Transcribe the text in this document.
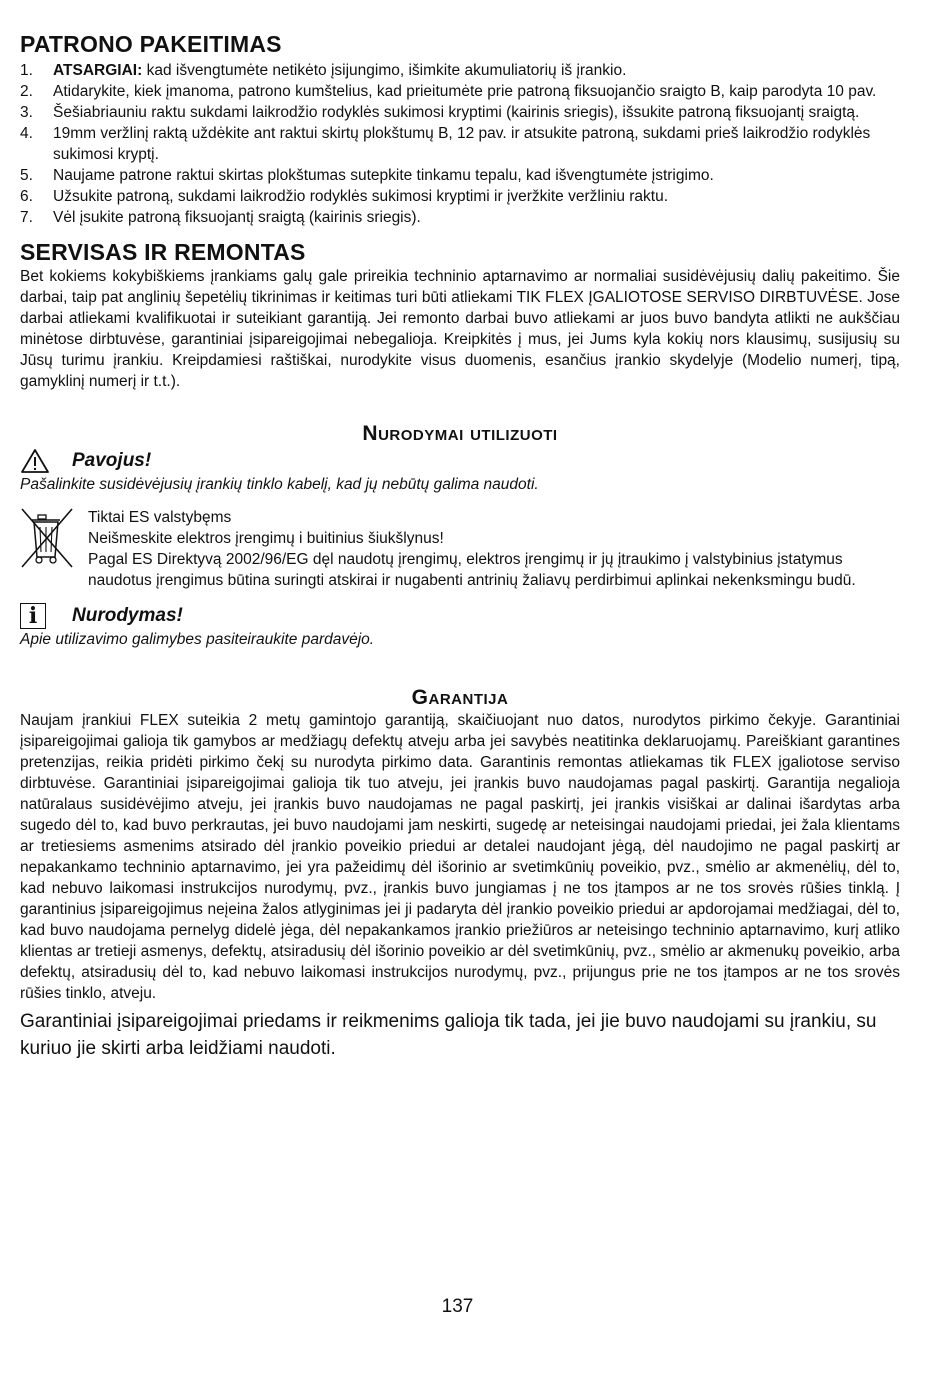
PATRONO PAKEITIMAS
1.	ATSARGIAI: kad išvengtumėte netikėto įsijungimo, išimkite akumuliatorių iš įrankio.
2.	Atidarykite, kiek įmanoma, patrono kumštelius, kad prieitumėte prie patroną fiksuojančio sraigto B, kaip parodyta 10 pav.
3.	Šešiabriauniu raktu sukdami laikrodžio rodyklės sukimosi kryptimi (kairinis sriegis), išsukite patroną fiksuojantį sraigtą.
4.	19mm veržlinį raktą uždėkite ant raktui skirtų plokštumų B, 12 pav. ir atsukite patroną, sukdami prieš laikrodžio rodyklės sukimosi kryptį.
5.	Naujame patrone raktui skirtas plokštumas sutepkite tinkamu tepalu, kad išvengtumėte įstrigimo.
6.	Užsukite patroną, sukdami laikrodžio rodyklės sukimosi kryptimi ir įveržkite veržliniu raktu.
7.	Vėl įsukite patroną fiksuojantį sraigtą (kairinis sriegis).
SERVISAS IR REMONTAS

Bet kokiems kokybiškiems įrankiams galų gale prireikia techninio aptarnavimo ar normaliai susidėvėjusių dalių pakeitimo. Šie darbai, taip pat anglinių šepetėlių tikrinimas ir keitimas turi būti atliekami TIK FLEX ĮGALIOTOSE SERVISO DIRBTUVĖSE. Jose darbai atliekami kvalifikuotai ir suteikiant garantiją. Jei remonto darbai buvo atliekami ar juos buvo bandyta atlikti ne aukščiau minėtose dirbtuvėse, garantiniai įsipareigojimai nebegalioja. Kreipkitės į mus, jei Jums kyla kokių nors klausimų, susijusių su Jūsų turimu įrankiu. Kreipdamiesi raštiškai, nurodykite visus duomenis, esančius įrankio skydelyje (Modelio numerį, tipą, gamyklinį numerį ir t.t.).

Nurodymai utilizuoti
Pavojus!

Pašalinkite susidėvėjusių įrankių tinklo kabelį, kad jų nebūtų galima naudoti.

Tiktai ES valstybęms

Neišmeskite elektros įrengimų i buitinius šiukšlynus!

Pagal ES Direktyvą 2002/96/EG dęl naudotų įrengimų, elektros įrengimų ir jų įtraukimo į valstybinius įstatymus naudotus įrengimus būtina suringti atskirai ir nugabenti antrinių žaliavų perdirbimui aplinkai nekenksmingu budū.

i	Nurodymas!

Apie utilizavimo galimybes pasiteiraukite pardavėjo.

Garantija

Naujam įrankiui FLEX suteikia 2 metų gamintojo garantiją, skaičiuojant nuo datos, nurodytos pirkimo čekyje. Garantiniai įsipareigojimai galioja tik gamybos ar medžiagų defektų atveju arba jei savybės neatitinka deklaruojamų. Pareiškiant garantines pretenzijas, reikia pridėti pirkimo čekį su nurodyta pirkimo data. Garantinis remontas atliekamas tik FLEX įgaliotose serviso dirbtuvėse. Garantiniai įsipareigojimai galioja tik tuo atveju, jei įrankis buvo naudojamas pagal paskirtį. Garantija negalioja natūralaus susidėvėjimo atveju, jei įrankis buvo naudojamas ne pagal paskirtį, jei įrankis visiškai ar dalinai išardytas arba sugedo dėl to, kad buvo perkrautas, jei buvo naudojami jam neskirti, sugedę ar neteisingai naudojami priedai, jei žala klientams ar tretiesiems asmenims atsirado dėl įrankio poveikio priedui ar detalei naudojant jėgą, dėl naudojimo ne pagal paskirtį ar nepakankamo techninio aptarnavimo, jei yra pažeidimų dėl išorinio ar svetimkūnių poveikio, pvz., smėlio ar akmenėlių, dėl to, kad nebuvo laikomasi instrukcijos nurodymų, pvz., įrankis buvo jungiamas į ne tos įtampos ar ne tos srovės rūšies tinklą. Į garantinius įsipareigojimus neįeina žalos atlyginimas jei ji padaryta dėl įrankio poveikio priedui ar apdorojamai medžiagai, dėl to, kad buvo naudojama pernelyg didelė jėga, dėl nepakankamos įrankio priežiūros ar neteisingo techninio aptarnavimo, kurį atliko klientas ar tretieji asmenys, defektų, atsiradusių dėl išorinio poveikio ar dėl svetimkūnių, pvz., smėlio ar akmenukų poveikio, arba defektų, atsiradusių dėl to, kad nebuvo laikomasi instrukcijos nurodymų, pvz., prijungus prie ne tos įtampos ar ne tos srovės rūšies tinklo, atveju.

Garantiniai įsipareigojimai priedams ir reikmenims galioja tik tada, jei jie buvo naudojami su įrankiu, su kuriuo jie skirti arba leidžiami naudoti.

137
